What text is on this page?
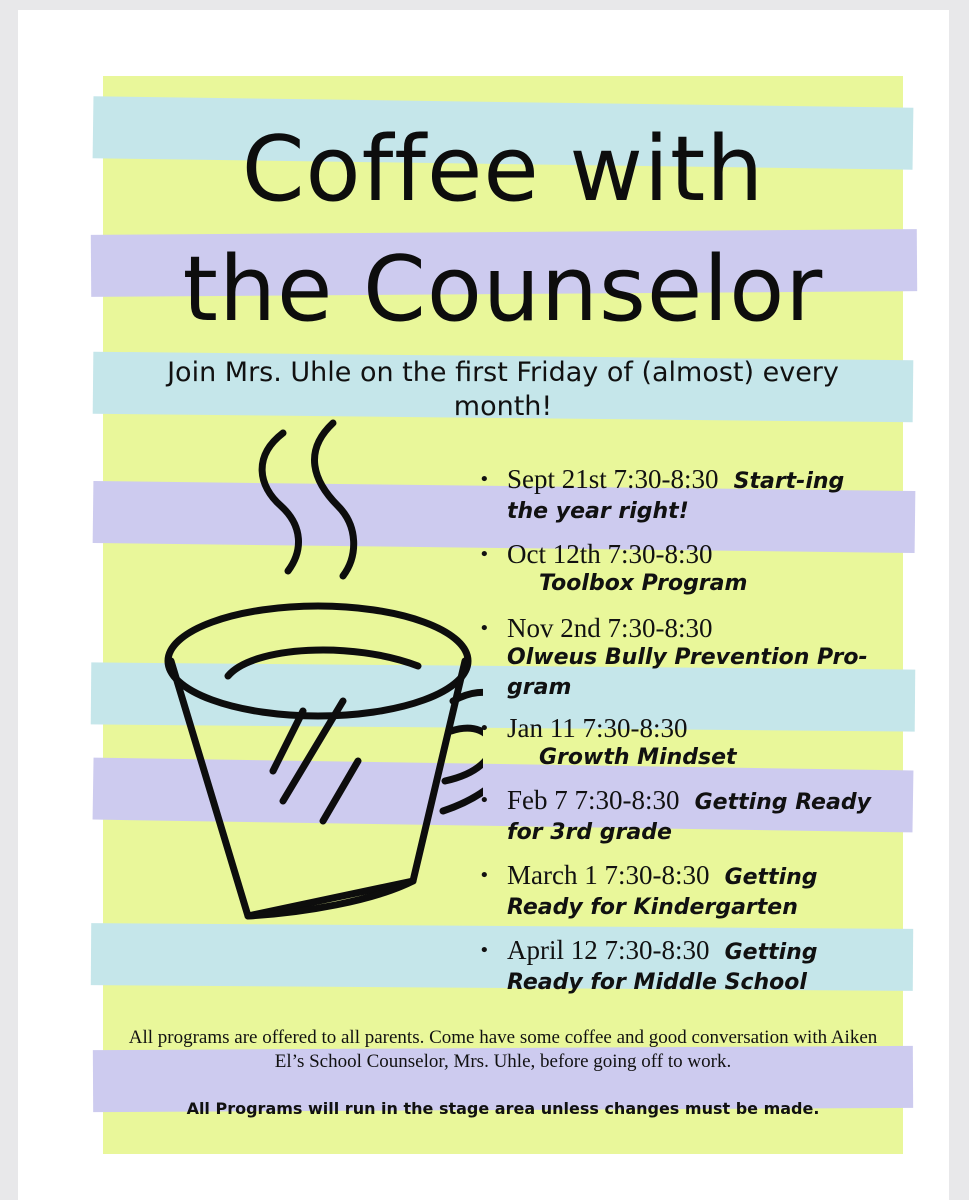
Coffee with
the Counselor
Join Mrs. Uhle on the first Friday of (almost) every month!
• Sept 21st 7:30-8:30 Start-ing the year right!
• Oct 12th 7:30-8:30
Toolbox Program
• Nov 2nd 7:30-8:30
Olweus Bully Prevention Pro-gram
• Jan 11 7:30-8:30
Growth Mindset
• Feb 7 7:30-8:30 Getting Ready for 3rd grade
• March 1 7:30-8:30 Getting Ready for Kindergarten
• April 12 7:30-8:30 Getting Ready for Middle School
All programs are offered to all parents. Come have some coffee and good conversation with Aiken El’s School Counselor, Mrs. Uhle, before going off to work.
All Programs will run in the stage area unless changes must be made.
